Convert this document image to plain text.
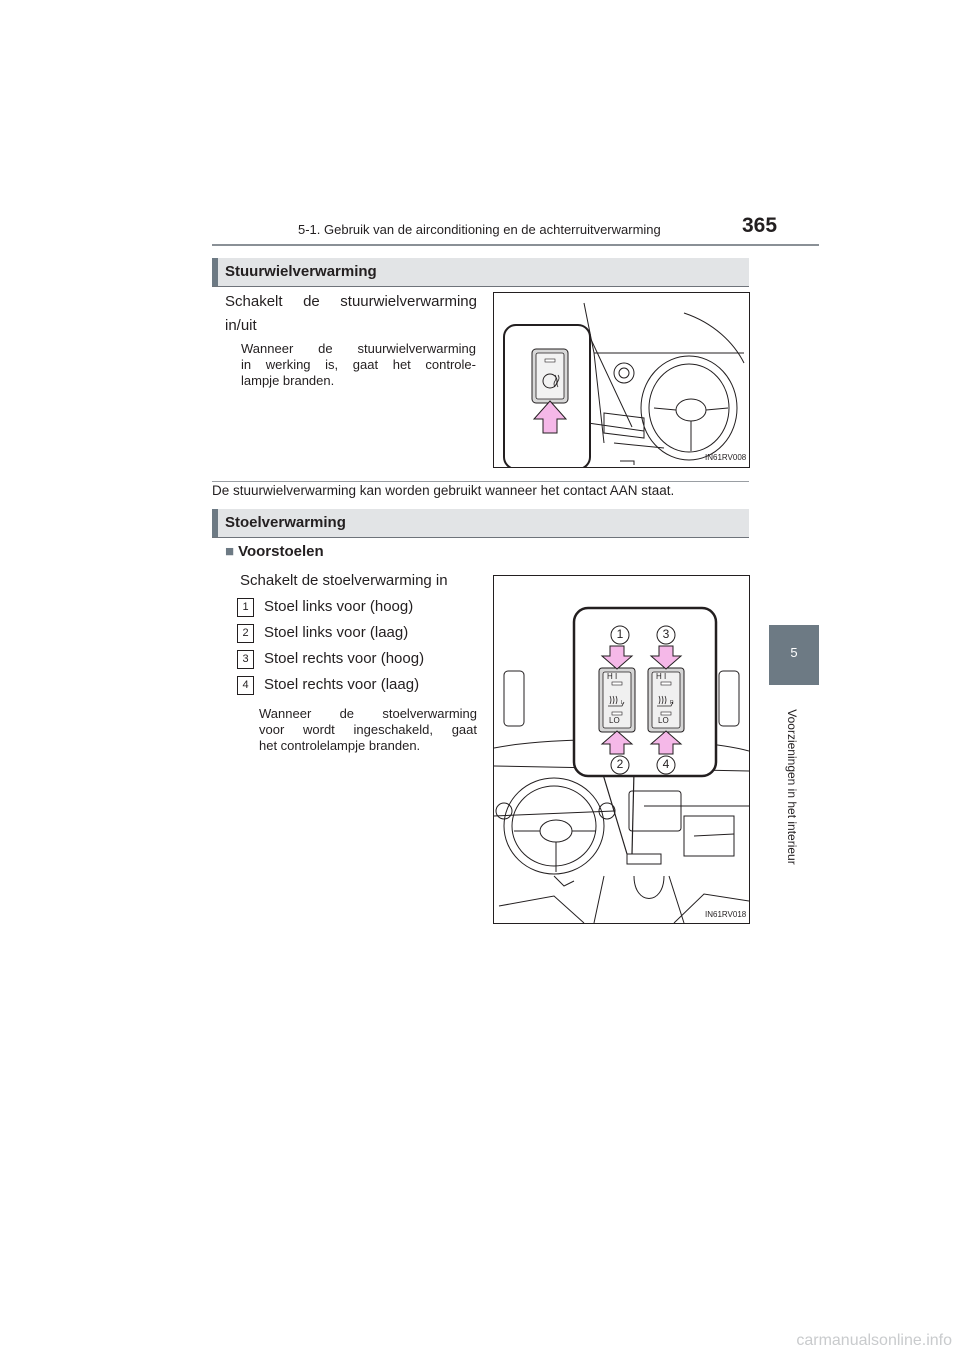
5-1. Gebruik van de airconditioning en de achterruitverwarming	365
5
Voorzieningen in het interieur
Stuurwielverwarming
Schakelt de stuurwielverwarming
in/uit
Wanneer de stuurwielverwarming
in werking is, gaat het controle-
lampje branden.
IN61RV008
De stuurwielverwarming kan worden gebruikt wanneer het contact AAN staat.
Stoelverwarming
■ Voorstoelen
Schakelt de stoelverwarming in
1 Stoel links voor (hoog)
2 Stoel links voor (laag)
3 Stoel rechts voor (hoog)
4 Stoel rechts voor (laag)
Wanneer de stoelverwarming
voor wordt ingeschakeld, gaat
het controlelampje branden.
H I	H I
L	R
LO	LO
1	3
2	4
IN61RV018
carmanualsonline.info
